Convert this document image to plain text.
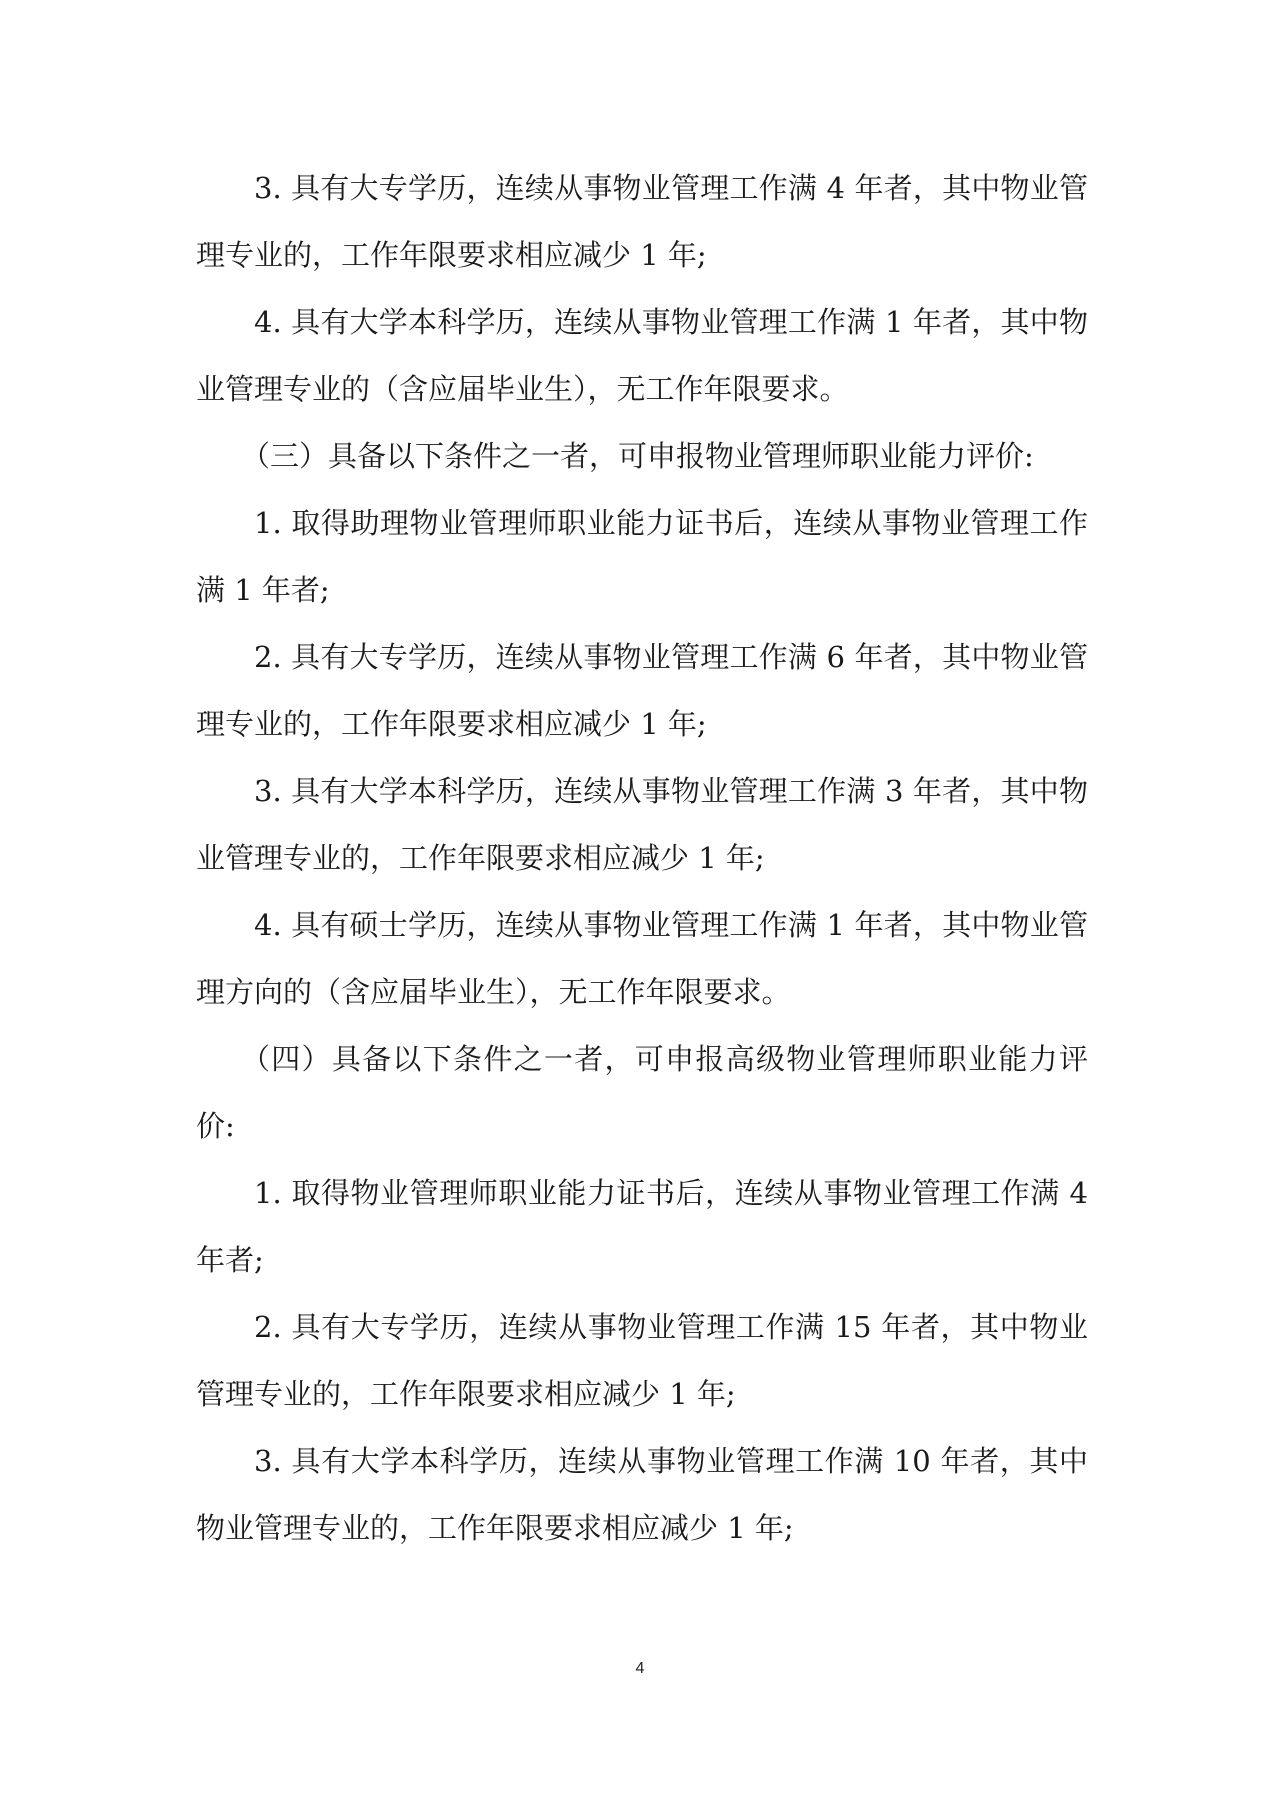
3. 具有大专学历，连续从事物业管理工作满 4 年者，其中物业管理专业的，工作年限要求相应减少 1 年;

4. 具有大学本科学历，连续从事物业管理工作满 1 年者，其中物业管理专业的（含应届毕业生），无工作年限要求。

（三）具备以下条件之一者，可申报物业管理师职业能力评价:

1. 取得助理物业管理师职业能力证书后，连续从事物业管理工作满 1 年者;

2. 具有大专学历，连续从事物业管理工作满 6 年者，其中物业管理专业的，工作年限要求相应减少 1 年;

3. 具有大学本科学历，连续从事物业管理工作满 3 年者，其中物业管理专业的，工作年限要求相应减少 1 年;

4. 具有硕士学历，连续从事物业管理工作满 1 年者，其中物业管理方向的（含应届毕业生），无工作年限要求。

（四）具备以下条件之一者，可申报高级物业管理师职业能力评价:

1. 取得物业管理师职业能力证书后，连续从事物业管理工作满 4 年者;

2. 具有大专学历，连续从事物业管理工作满 15 年者，其中物业管理专业的，工作年限要求相应减少 1 年;

3. 具有大学本科学历，连续从事物业管理工作满 10 年者，其中物业管理专业的，工作年限要求相应减少 1 年;

4
